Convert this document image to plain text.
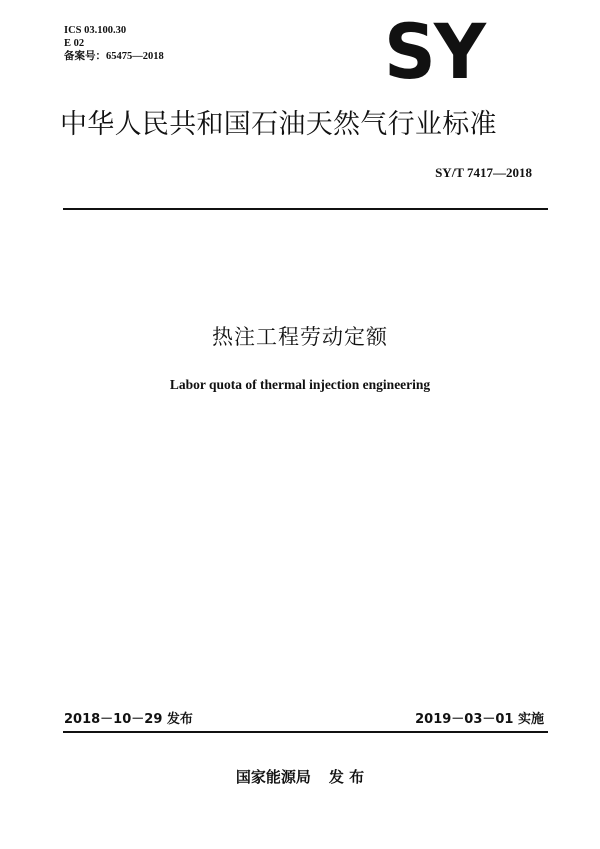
ICS 03.100.30
E 02
备案号：65475—2018	SY
中华人民共和国石油天然气行业标准
SY/T 7417—2018
热注工程劳动定额
Labor quota of thermal injection engineering
2018－10－29 发布	2019－03－01 实施
国家能源局 发 布
